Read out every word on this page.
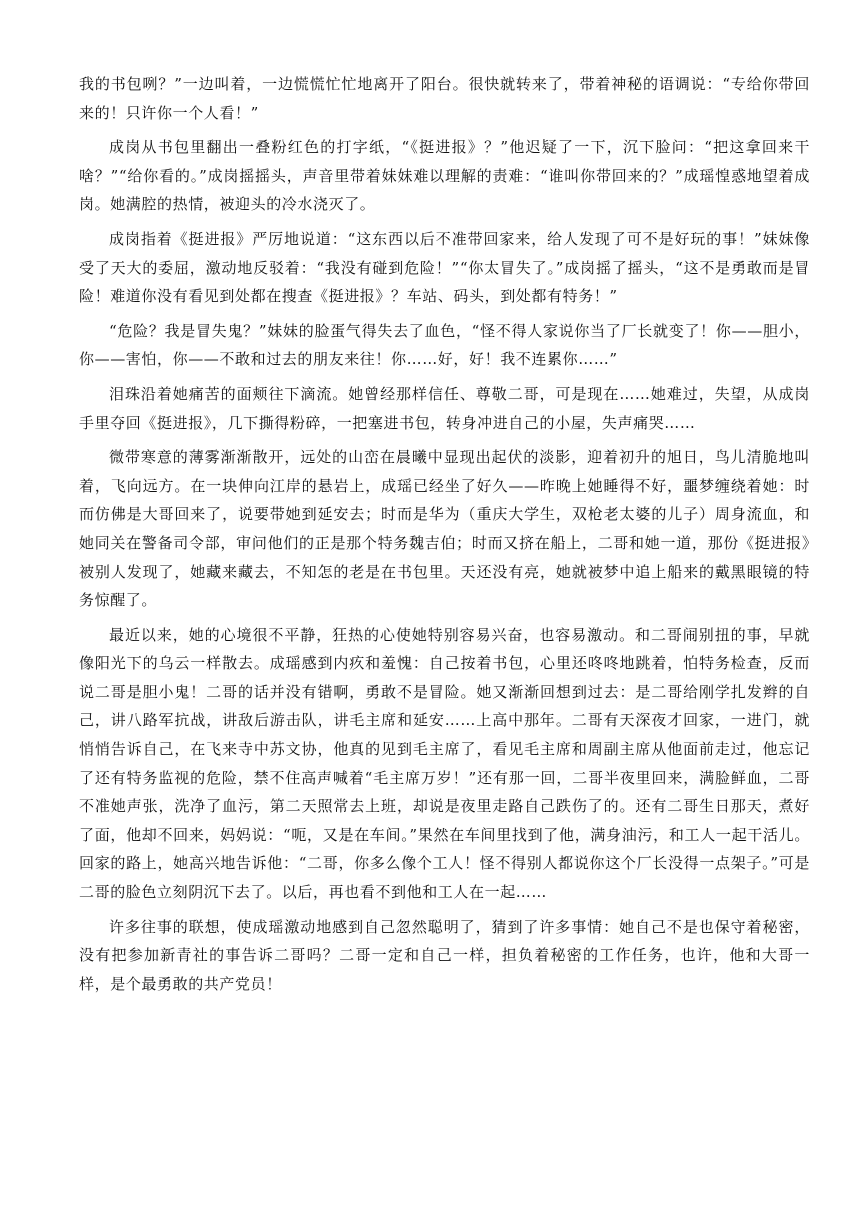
我的书包咧？”一边叫着，一边慌慌忙忙地离开了阳台。很快就转来了，带着神秘的语调说：“专给你带回来的！只许你一个人看！”

成岗从书包里翻出一叠粉红色的打字纸，“《挺进报》？”他迟疑了一下，沉下脸问：“把这拿回来干啥？”“给你看的。”成岗摇摇头，声音里带着妹妹难以理解的责难：“谁叫你带回来的？”成瑶惶惑地望着成岗。她满腔的热情，被迎头的冷水浇灭了。

成岗指着《挺进报》严厉地说道：“这东西以后不准带回家来，给人发现了可不是好玩的事！”妹妹像受了天大的委屈，激动地反驳着：“我没有碰到危险！”“你太冒失了。”成岗摇了摇头，“这不是勇敢而是冒险！难道你没有看见到处都在搜查《挺进报》？车站、码头，到处都有特务！”

“危险？我是冒失鬼？”妹妹的脸蛋气得失去了血色，“怪不得人家说你当了厂长就变了！你——胆小，你——害怕，你——不敢和过去的朋友来往！你……好，好！我不连累你……”

泪珠沿着她痛苦的面颊往下滴流。她曾经那样信任、尊敬二哥，可是现在……她难过，失望，从成岗手里夺回《挺进报》，几下撕得粉碎，一把塞进书包，转身冲进自己的小屋，失声痛哭……

微带寒意的薄雾渐渐散开，远处的山峦在晨曦中显现出起伏的淡影，迎着初升的旭日，鸟儿清脆地叫着，飞向远方。在一块伸向江岸的悬岩上，成瑶已经坐了好久——昨晚上她睡得不好，噩梦缠绕着她：时而仿佛是大哥回来了，说要带她到延安去；时而是华为（重庆大学生，双枪老太婆的儿子）周身流血，和她同关在警备司令部，审问他们的正是那个特务魏吉伯；时而又挤在船上，二哥和她一道，那份《挺进报》被别人发现了，她藏来藏去，不知怎的老是在书包里。天还没有亮，她就被梦中追上船来的戴黑眼镜的特务惊醒了。

最近以来，她的心境很不平静，狂热的心使她特别容易兴奋，也容易激动。和二哥闹别扭的事，早就像阳光下的乌云一样散去。成瑶感到内疚和羞愧：自己按着书包，心里还咚咚地跳着，怕特务检查，反而说二哥是胆小鬼！二哥的话并没有错啊，勇敢不是冒险。她又渐渐回想到过去：是二哥给刚学扎发辫的自己，讲八路军抗战，讲敌后游击队，讲毛主席和延安……上高中那年。二哥有天深夜才回家，一进门，就悄悄告诉自己，在飞来寺中苏文协，他真的见到毛主席了，看见毛主席和周副主席从他面前走过，他忘记了还有特务监视的危险，禁不住高声喊着“毛主席万岁！”还有那一回，二哥半夜里回来，满脸鲜血，二哥不准她声张，洗净了血污，第二天照常去上班，却说是夜里走路自己跌伤了的。还有二哥生日那天，煮好了面，他却不回来，妈妈说：“呃，又是在车间。”果然在车间里找到了他，满身油污，和工人一起干活儿。回家的路上，她高兴地告诉他：“二哥，你多么像个工人！怪不得别人都说你这个厂长没得一点架子。”可是二哥的脸色立刻阴沉下去了。以后，再也看不到他和工人在一起……

许多往事的联想，使成瑶激动地感到自己忽然聪明了，猜到了许多事情：她自己不是也保守着秘密，没有把参加新青社的事告诉二哥吗？二哥一定和自己一样，担负着秘密的工作任务，也许，他和大哥一样，是个最勇敢的共产党员！
